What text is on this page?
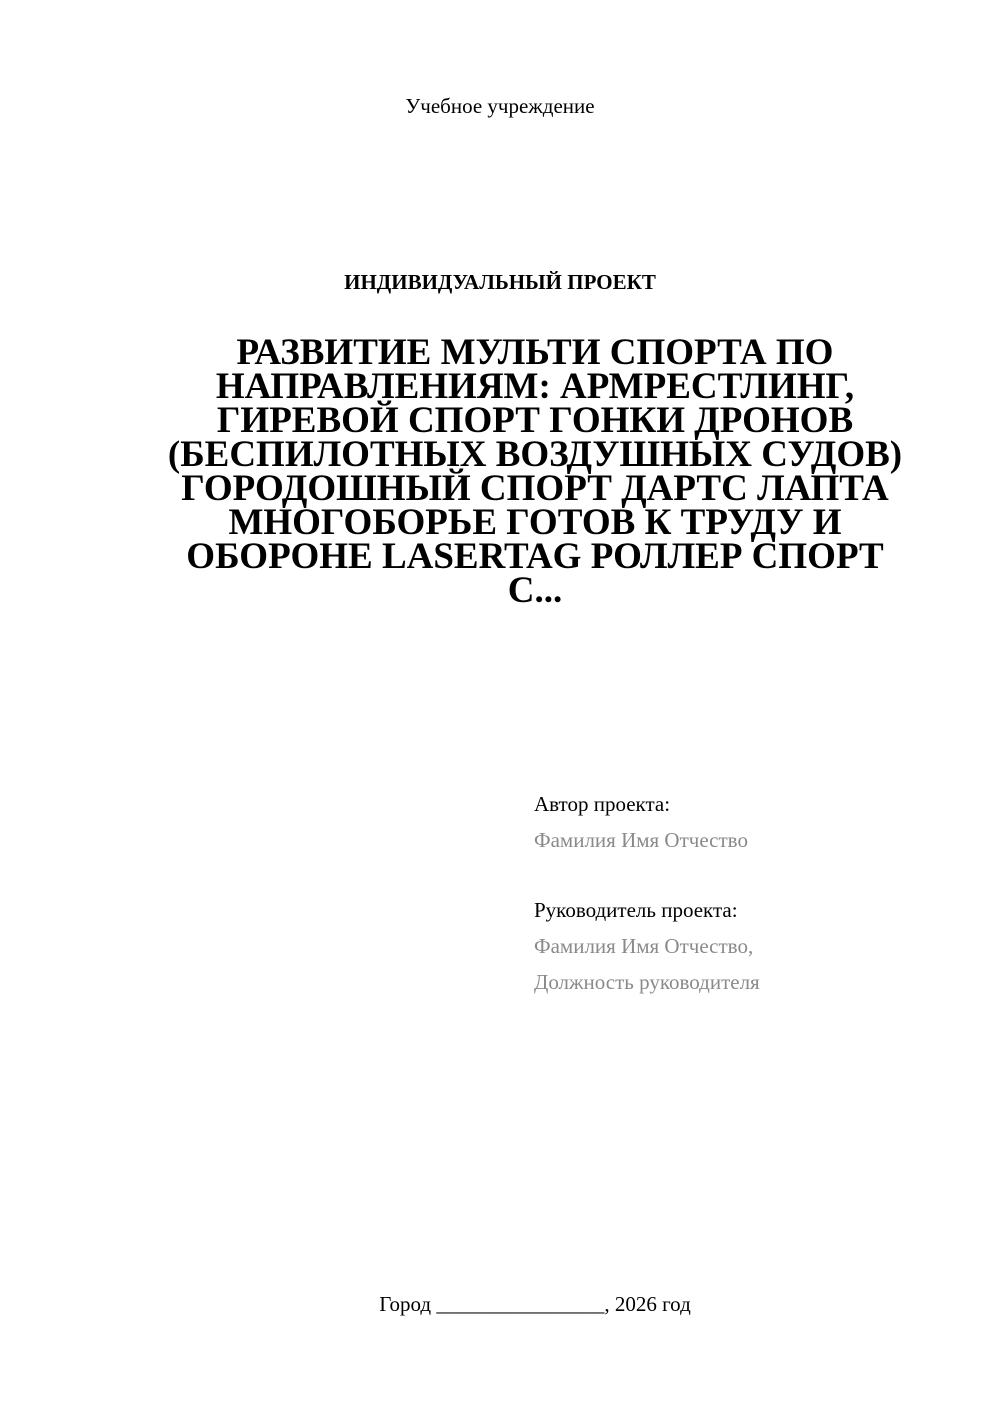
Учебное учреждение
ИНДИВИДУАЛЬНЫЙ ПРОЕКТ
РАЗВИТИЕ МУЛЬТИ СПОРТА ПО
НАПРАВЛЕНИЯМ: АРМРЕСТЛИНГ,
ГИРЕВОЙ СПОРТ ГОНКИ ДРОНОВ
(БЕСПИЛОТНЫХ ВОЗДУШНЫХ СУДОВ)
ГОРОДОШНЫЙ СПОРТ ДАРТС ЛАПТА
МНОГОБОРЬЕ ГОТОВ К ТРУДУ И
ОБОРОНЕ LASERTAG РОЛЛЕР СПОРТ
С...
Автор проекта:
Фамилия Имя Отчество
Руководитель проекта:
Фамилия Имя Отчество,
Должность руководителя
Город ________________, 2026 год
